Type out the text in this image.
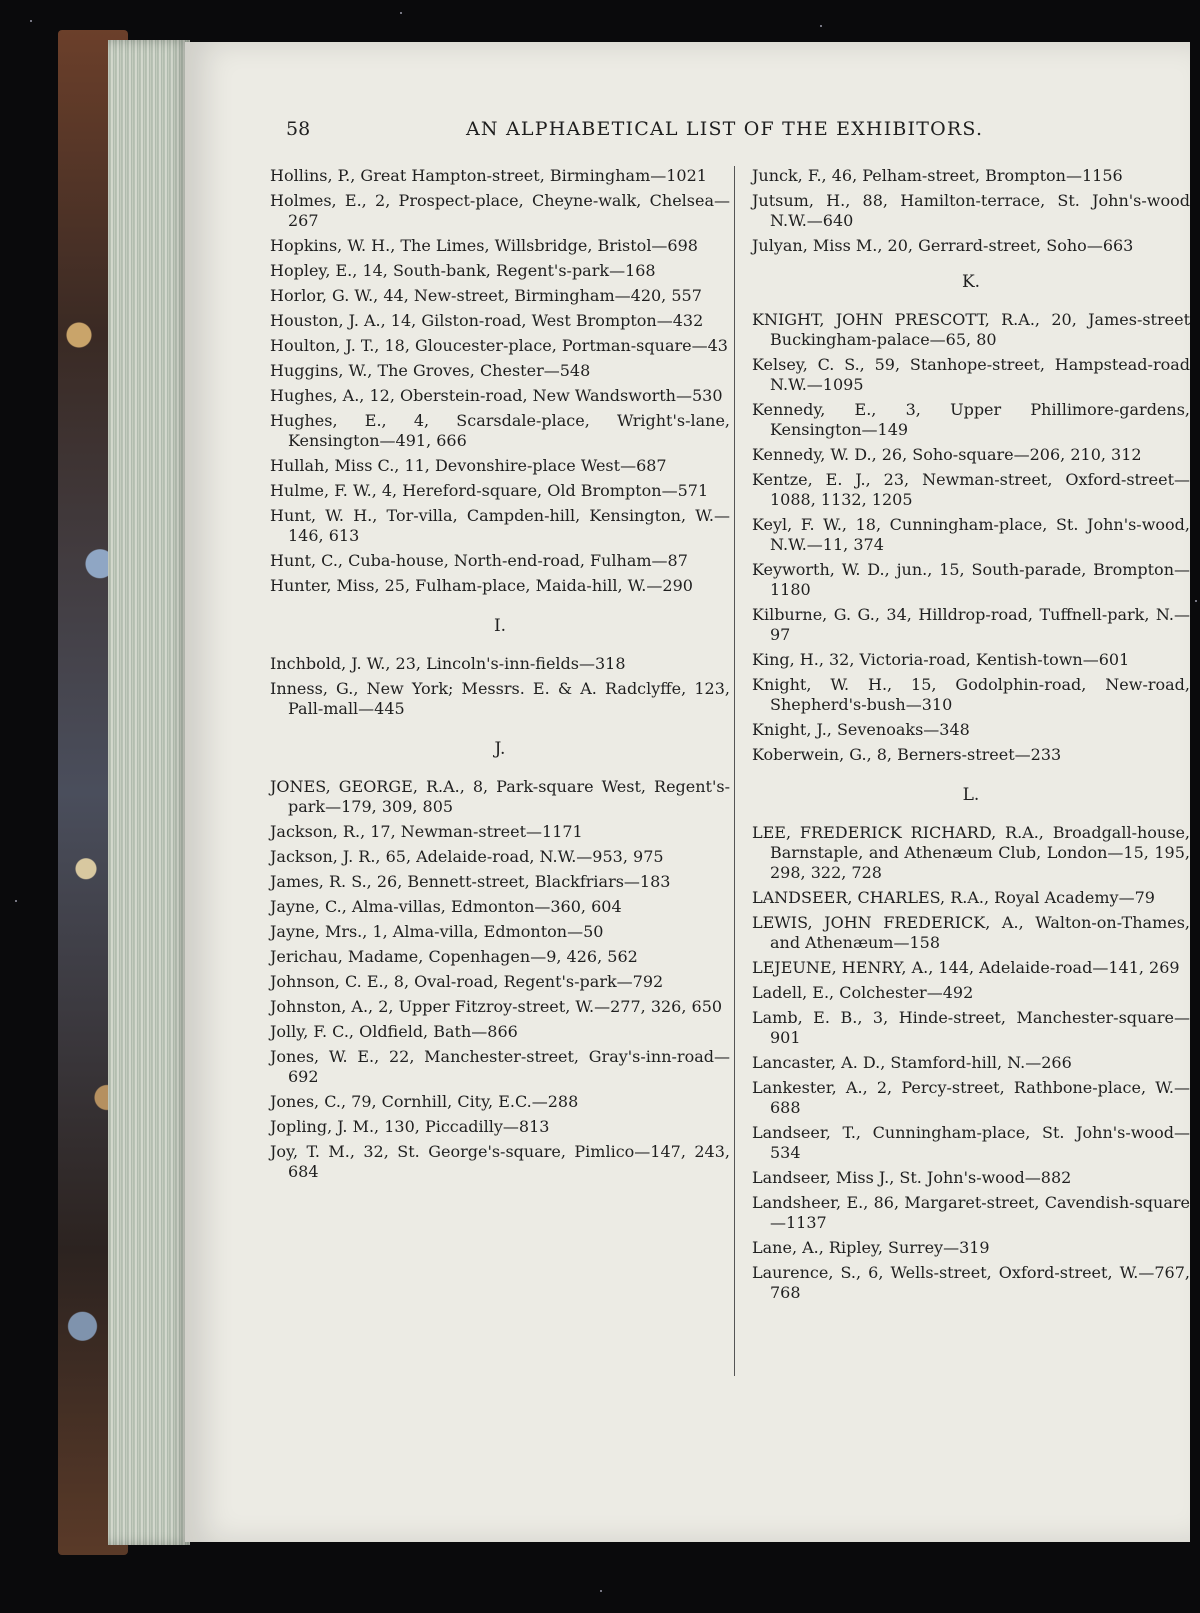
58	AN ALPHABETICAL LIST OF THE EXHIBITORS.
Hollins, P., Great Hampton-street, Birmingham—1021
Holmes, E., 2, Prospect-place, Cheyne-walk, Chelsea—267
Hopkins, W. H., The Limes, Willsbridge, Bristol—698
Hopley, E., 14, South-bank, Regent's-park—168
Horlor, G. W., 44, New-street, Birmingham—420, 557
Houston, J. A., 14, Gilston-road, West Brompton—432
Houlton, J. T., 18, Gloucester-place, Portman-square—43
Huggins, W., The Groves, Chester—548
Hughes, A., 12, Oberstein-road, New Wandsworth—530
Hughes, E., 4, Scarsdale-place, Wright's-lane, Kensington—491, 666
Hullah, Miss C., 11, Devonshire-place West—687
Hulme, F. W., 4, Hereford-square, Old Brompton—571
Hunt, W. H., Tor-villa, Campden-hill, Kensington, W.—146, 613
Hunt, C., Cuba-house, North-end-road, Fulham—87
Hunter, Miss, 25, Fulham-place, Maida-hill, W.—290
I.
Inchbold, J. W., 23, Lincoln's-inn-fields—318
Inness, G., New York; Messrs. E. & A. Radclyffe, 123, Pall-mall—445
J.
JONES, GEORGE, R.A., 8, Park-square West, Regent's-park—179, 309, 805
Jackson, R., 17, Newman-street—1171
Jackson, J. R., 65, Adelaide-road, N.W.—953, 975
James, R. S., 26, Bennett-street, Blackfriars—183
Jayne, C., Alma-villas, Edmonton—360, 604
Jayne, Mrs., 1, Alma-villa, Edmonton—50
Jerichau, Madame, Copenhagen—9, 426, 562
Johnson, C. E., 8, Oval-road, Regent's-park—792
Johnston, A., 2, Upper Fitzroy-street, W.—277, 326, 650
Jolly, F. C., Oldfield, Bath—866
Jones, W. E., 22, Manchester-street, Gray's-inn-road—692
Jones, C., 79, Cornhill, City, E.C.—288
Jopling, J. M., 130, Piccadilly—813
Joy, T. M., 32, St. George's-square, Pimlico—147, 243, 684
Junck, F., 46, Pelham-street, Brompton—1156
Jutsum, H., 88, Hamilton-terrace, St. John's-wood N.W.—640
Julyan, Miss M., 20, Gerrard-street, Soho—663
K.
KNIGHT, JOHN PRESCOTT, R.A., 20, James-street Buckingham-palace—65, 80
Kelsey, C. S., 59, Stanhope-street, Hampstead-road N.W.—1095
Kennedy, E., 3, Upper Phillimore-gardens, Kensington—149
Kennedy, W. D., 26, Soho-square—206, 210, 312
Kentze, E. J., 23, Newman-street, Oxford-street—1088, 1132, 1205
Keyl, F. W., 18, Cunningham-place, St. John's-wood, N.W.—11, 374
Keyworth, W. D., jun., 15, South-parade, Brompton—1180
Kilburne, G. G., 34, Hilldrop-road, Tuffnell-park, N.—97
King, H., 32, Victoria-road, Kentish-town—601
Knight, W. H., 15, Godolphin-road, New-road, Shepherd's-bush—310
Knight, J., Sevenoaks—348
Koberwein, G., 8, Berners-street—233
L.
LEE, FREDERICK RICHARD, R.A., Broadgall-house, Barnstaple, and Athenæum Club, London—15, 195, 298, 322, 728
LANDSEER, CHARLES, R.A., Royal Academy—79
LEWIS, JOHN FREDERICK, A., Walton-on-Thames, and Athenæum—158
LEJEUNE, HENRY, A., 144, Adelaide-road—141, 269
Ladell, E., Colchester—492
Lamb, E. B., 3, Hinde-street, Manchester-square—901
Lancaster, A. D., Stamford-hill, N.—266
Lankester, A., 2, Percy-street, Rathbone-place, W.—688
Landseer, T., Cunningham-place, St. John's-wood—534
Landseer, Miss J., St. John's-wood—882
Landsheer, E., 86, Margaret-street, Cavendish-square—1137
Lane, A., Ripley, Surrey—319
Laurence, S., 6, Wells-street, Oxford-street, W.—767, 768
